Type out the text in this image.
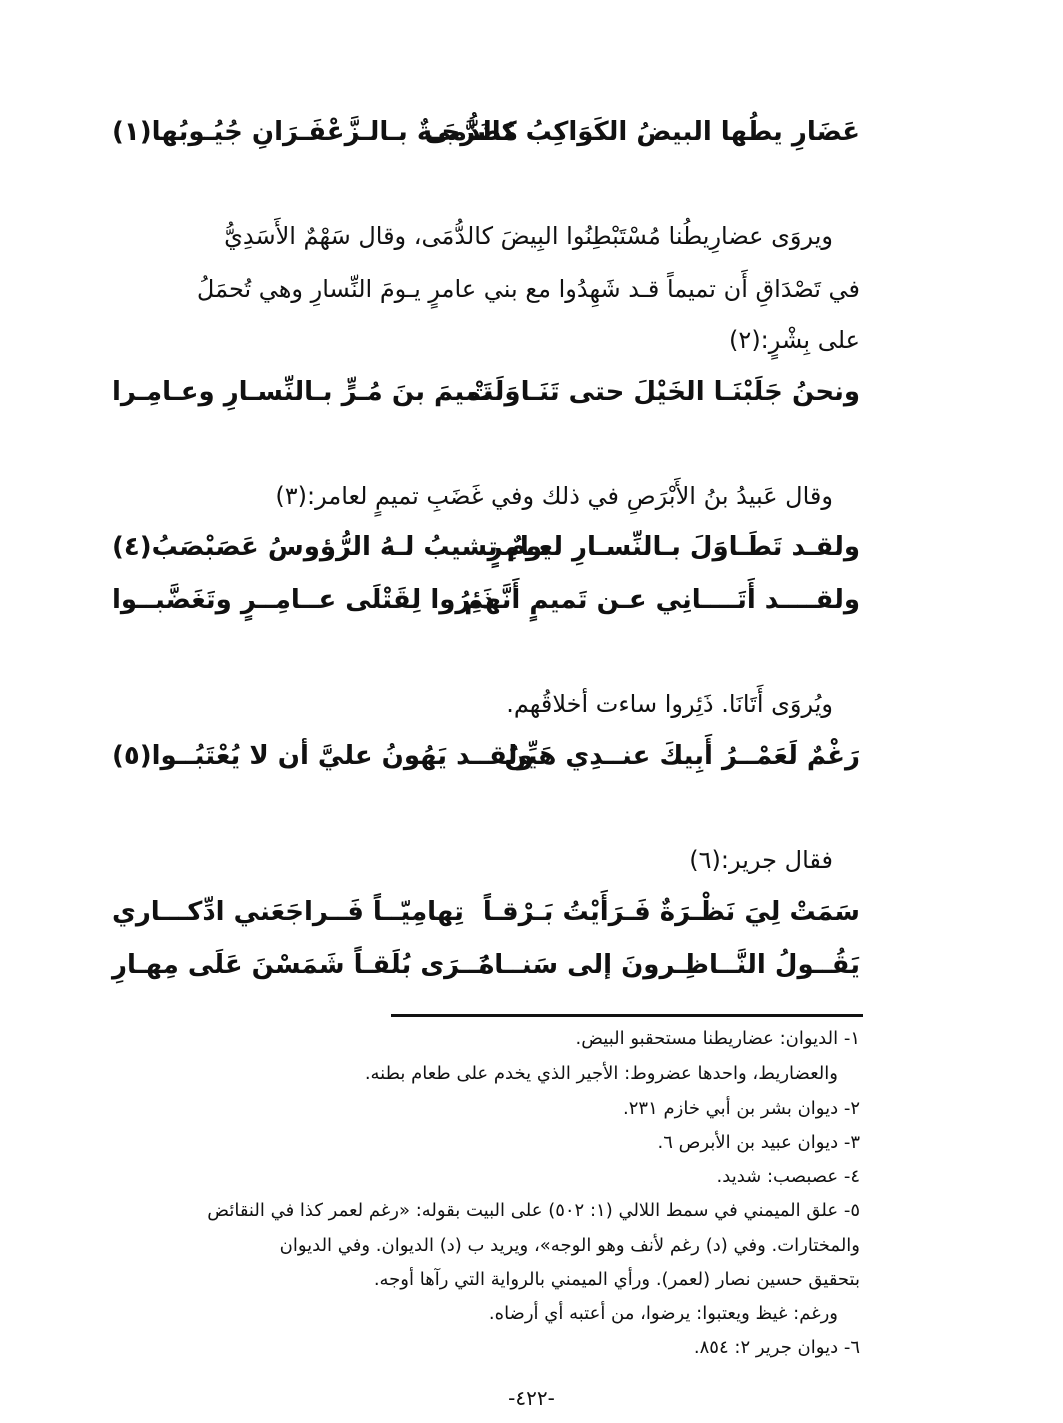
عَضَارِ يطُها البيضُ الكَوَاكِبُ كالدُّمى
مُضَرَّجَـةٌ بـالـزَّعْفَـرَانِ جُيُـوبُها(١)
ويروَى عضارِيطُنا مُسْتَبْطِنُوا البِيضَ كالدُّمَى، وقال سَهْمٌ الأَسَدِيُّ
في تَصْدَاقِ أَن تميماً قـد شَهِدُوا مع بني عامرٍ يـومَ النِّسارِ وهي تُحمَلُ
على بِشْرٍ:(٢)
ونحنُ جَلَبْنَـا الخَيْلَ حتى تَنَـاوَلَتْ
تَميمَ بنَ مُـرٍّ بـالنِّسـارِ وعـامِـرا
وقال عَبيدُ بنُ الأَبْرَصِ في ذلك وفي غَضَبِ تميمٍ لعامر:(٣)
ولقـد تَطَـاوَلَ بـالنِّسـارِ لعـامِرٍ
يومٌ تشيبُ لـهُ الرُّؤوسُ عَصَبْصَبُ(٤)
ولقــــد أَتَــــانِي عـن تَميمٍ أَنَّهم
ذَئِرُوا لِقَتْلَى عــامِــرٍ وتَغَضَّبــوا
ويُروَى أَتَانَا. ذَئِروا ساءت أخلاقُهم.
رَغْمٌ لَعَمْــرُ أَبِيكَ عنــدِي هَيِّنٌ
ولقــد يَهُونُ عليَّ أن لا يُعْتَبُــوا(٥)
فقال جرير:(٦)
سَمَتْ لِيَ نَظْـرَةٌ فَـرَأَيْتُ بَـرْقـاً
تِهامِيّــاً فَــراجَعَني ادِّكـــاري
يَقُــولُ النَّــاظِـرونَ إلى سَنــاهُ
نَــرَى بُلَقـاً شَمَسْنَ عَلَى مِهـارِ
١- الديوان: عضاريطنا مستحقبو البيض.
والعضاريط، واحدها عضروط: الأجير الذي يخدم على طعام بطنه.
٢- ديوان بشر بن أبي خازم ٢٣١.
٣- ديوان عبيد بن الأبرص ٦.
٤- عصبصب: شديد.
٥- علق الميمني في سمط اللالي (١: ٥٠٢) على البيت بقوله: «رغم لعمر كذا في النقائض
والمختارات. وفي (د) رغم لأنف وهو الوجه»، ويريد ب (د) الديوان. وفي الديوان
بتحقيق حسين نصار (لعمر). ورأي الميمني بالرواية التي رآها أوجه.
ورغم: غيظ ويعتبوا: يرضوا، من أعتبه أي أرضاه.
٦- ديوان جرير ٢: ٨٥٤.
-٤٢٢-
